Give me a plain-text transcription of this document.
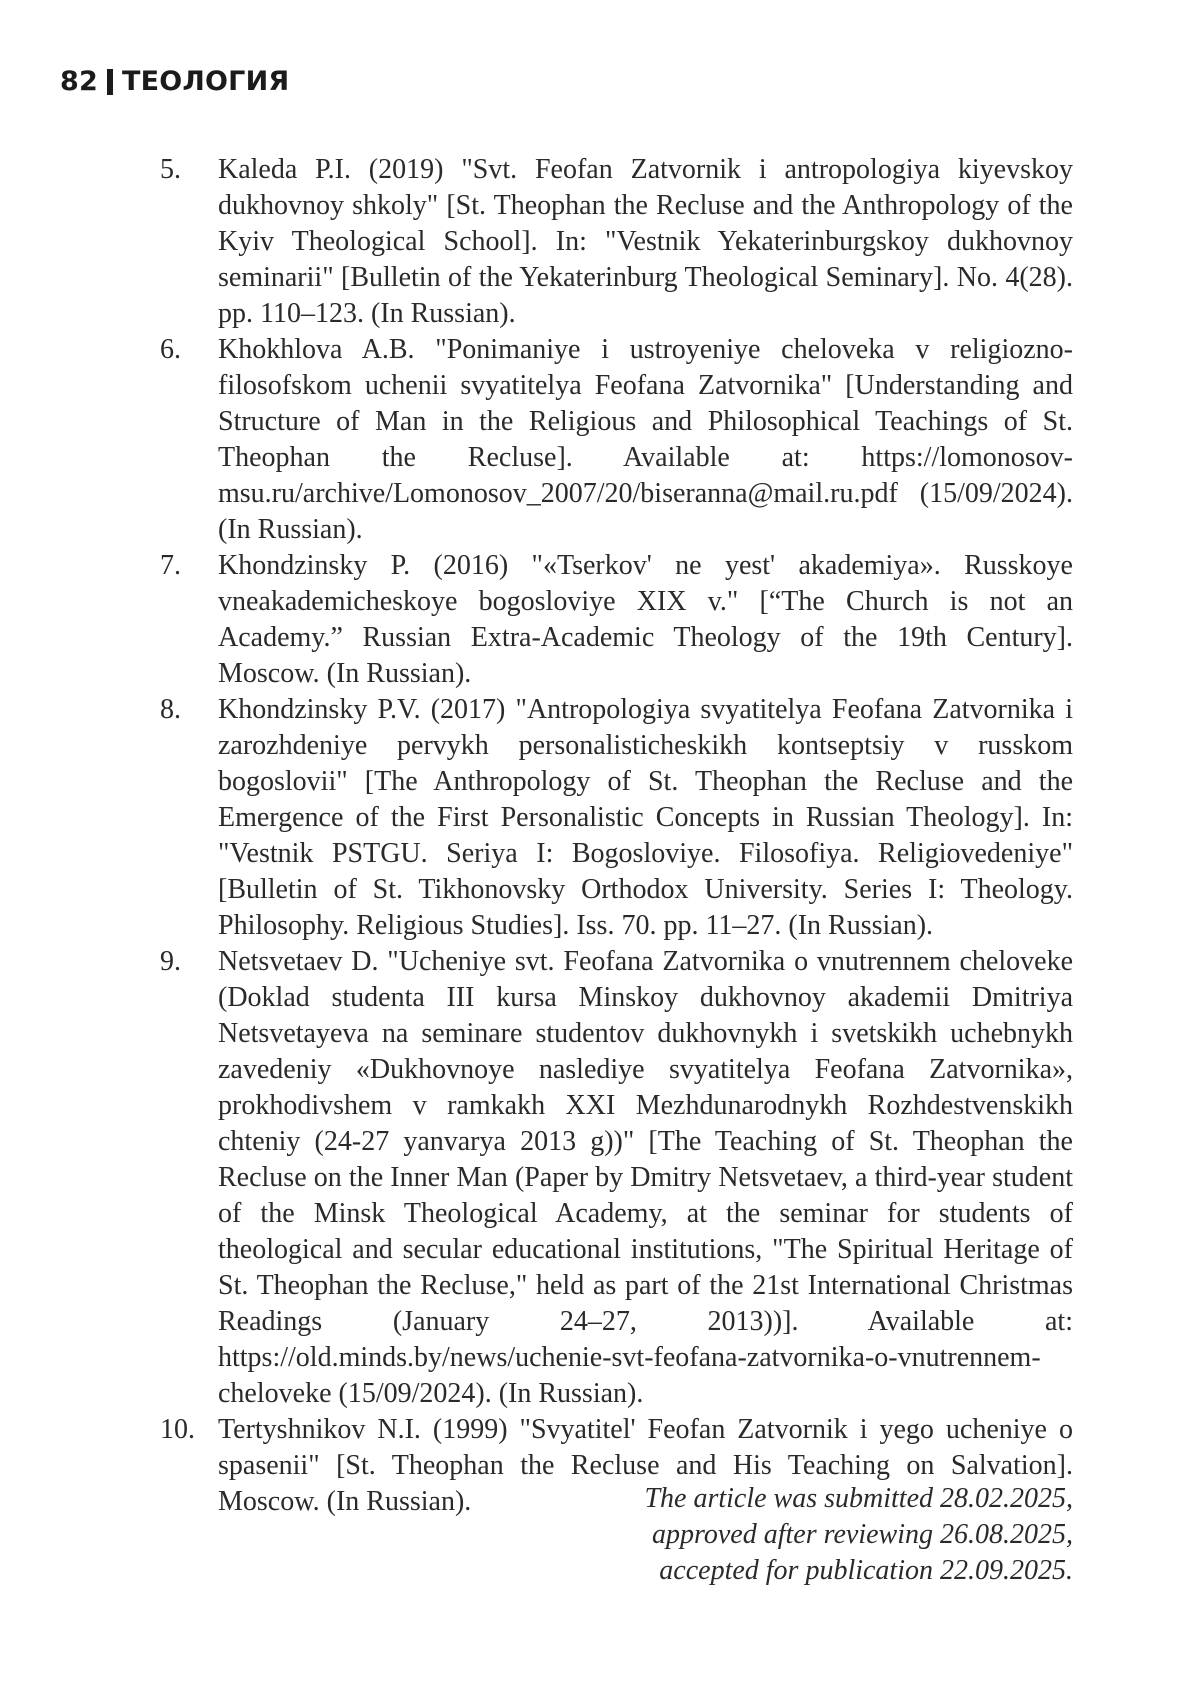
82 ТЕОЛОГИЯ
5.	Kaleda P.I. (2019) "Svt. Feofan Zatvornik i antropologiya kiyevskoy dukhovnoy shkoly" [St. Theophan the Recluse and the Anthropology of the Kyiv Theological School]. In: "Vestnik Yekaterinburgskoy dukhovnoy seminarii" [Bulletin of the Yekaterinburg Theological Seminary]. No. 4(28). pp. 110–123. (In Russian).
6.	Khokhlova A.B. "Ponimaniye i ustroyeniye cheloveka v religiozno-filosofskom uchenii svyatitelya Feofana Zatvornika" [Understanding and Structure of Man in the Religious and Philosophical Teachings of St. Theophan the Recluse]. Available at: https://lomonosov-msu.ru/archive/Lomonosov_2007/20/biseranna@mail.ru.pdf (15/09/2024). (In Russian).
7.	Khondzinsky P. (2016) "«Tserkov' ne yest' akademiya». Russkoye vneakademicheskoye bogosloviye XIX v." [“The Church is not an Academy.” Russian Extra-Academic Theology of the 19th Century]. Moscow. (In Russian).
8.	Khondzinsky P.V. (2017) "Antropologiya svyatitelya Feofana Zatvornika i zarozhdeniye pervykh personalisticheskikh kontseptsiy v russkom bogoslovii" [The Anthropology of St. Theophan the Recluse and the Emergence of the First Personalistic Concepts in Russian Theology]. In: "Vestnik PSTGU. Seriya I: Bogosloviye. Filosofiya. Religiovedeniye" [Bulletin of St. Tikhonovsky Orthodox University. Series I: Theology. Philosophy. Religious Studies]. Iss. 70. pp. 11–27. (In Russian).
9.	Netsvetaev D. "Ucheniye svt. Feofana Zatvornika o vnutrennem cheloveke (Doklad studenta III kursa Minskoy dukhovnoy akademii Dmitriya Netsvetayeva na seminare studentov dukhovnykh i svetskikh uchebnykh zavedeniy «Dukhovnoye naslediye svyatitelya Feofana Zatvornika», prokhodivshem v ramkakh XXI Mezhdunarodnykh Rozhdestvenskikh chteniy (24-27 yanvarya 2013 g))" [The Teaching of St. Theophan the Recluse on the Inner Man (Paper by Dmitry Netsvetaev, a third-year student of the Minsk Theological Academy, at the seminar for students of theological and secular educational institutions, "The Spiritual Heritage of St. Theophan the Recluse," held as part of the 21st International Christmas Readings (January 24–27, 2013))]. Available at: https://old.minds.by/news/uchenie-svt-feofana-zatvornika-o-vnutrennem-cheloveke (15/09/2024). (In Russian).
10. Tertyshnikov N.I. (1999) "Svyatitel' Feofan Zatvornik i yego ucheniye o spasenii" [St. Theophan the Recluse and His Teaching on Salvation]. Moscow. (In Russian).	The article was submitted 28.02.2025,
approved after reviewing 26.08.2025,
accepted for publication 22.09.2025.
